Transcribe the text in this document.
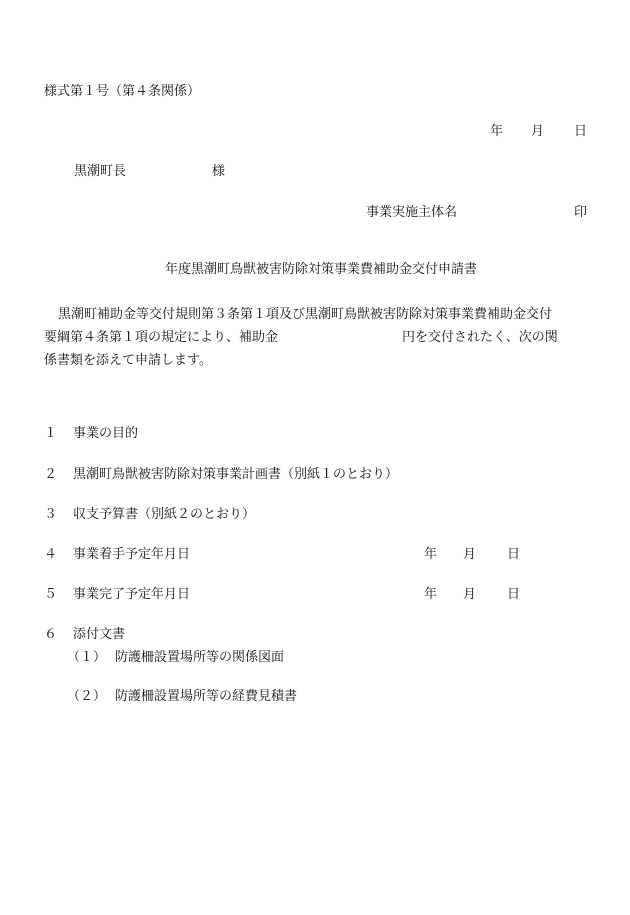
様式第１号（第４条関係）
年 月 日
黒潮町長	様
事業実施主体名	印
年度黒潮町鳥獣被害防除対策事業費補助金交付申請書
黒潮町補助金等交付規則第３条第１項及び黒潮町鳥獣被害防除対策事業費補助金交付
要綱第４条第１項の規定により、補助金	円を交付されたく、次の関
係書類を添えて申請します。
１ 事業の目的
２ 黒潮町鳥獣被害防除対策事業計画書（別紙１のとおり）
３ 収支予算書（別紙２のとおり）
４ 事業着手予定年月日	年 月 日
５ 事業完了予定年月日	年 月 日
６ 添付文書
（１） 防護柵設置場所等の関係図面
（２） 防護柵設置場所等の経費見積書
